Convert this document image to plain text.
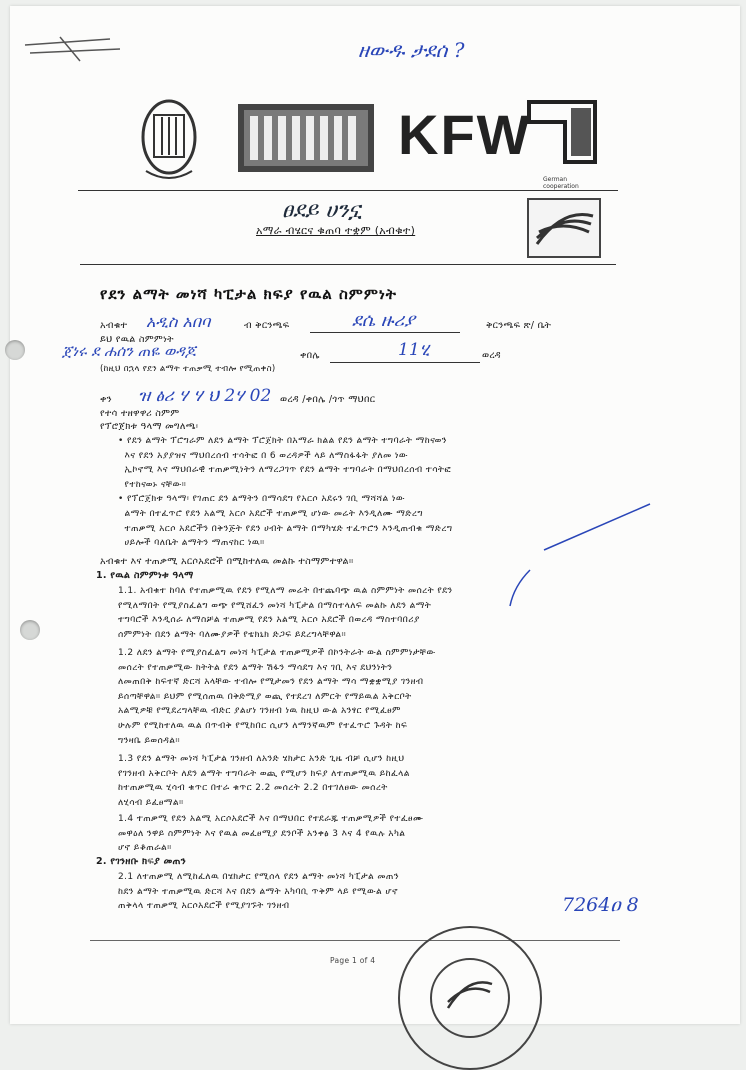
ዘውዱ ታደሰ ?
KFW
German cooperation
ፀደይ ሀንኗ
አማራ ብሄርና ቁጠባ ተቋም (አብቁተ)
የደን ልማት መነሻ ካፒታል ክፍያ የዉል ስምምነት
አብቁተ አዲስ አበባ	ብ ቅርንጫፍ	ደሴ ዙሪያ	ቅርንጫፍ ጽ/ ቤት
ይህ የዉል ስምምነት
ጀነሩ ደ ሐሰን ጠዬ ወዳጆ	ቀበሌ	11ሂ	ወረዳ
(ከዚህ በኋላ የደን ልማት ተጠቃሚ ተብሎ የሚጠቀስ)
ቀን ዝ ፅሪ ሃ ሃ ህ 2ሃ 02 ወረዳ /ቀበሌ /ጎጥ ማህበር
የተሳ ተዘዋዋሪ ስምም
የፕሮጀክቱ ዓላማ መግለጫ፡
• የደን ልማት ፕሮግራም ለደን ልማት ፕሮጀክት በአማራ ክልል የደን ልማት ተግባራት ማከናወን
እና የደን አያያዝና ማህበረሰብ ተሳትፎ በ 6 ወረዳዎች ላይ ለማስፋፋት ያለመ ነው
ኢኮኖሚ እና ማህበራዊ ተጠቃሚነትን ለማረጋገጥ የደን ልማት ተግባራት በማህበረሰብ ተሳትፎ
የተከናወኑ ናቸው።
• የፕሮጀክቱ ዓላማ፡ የገጠር ደን ልማትን በማሳደግ የአርሶ አደሩን ገቢ ማሻሻል ነው
ልማት በተፈጥሮ የደን አልሚ አርሶ አደሮች ተጠቃሚ ሆነው መሬት እንዲለሙ ማድረግ
ተጠቃሚ አርሶ አደሮችን በቅንጅት የደን ሀብት ልማት በማካሄድ ተፈጥሮን እንዲጠብቁ ማድረግ
ሀይሎች ባለቤት ልማትን ማጠናከር ነዉ።
አብቁተ እና ተጠቃሚ አርሶአደሮች በሚከተለዉ መልኩ ተስማምተዋል።
1. የዉል ስምምነቱ ዓላማ
1.1. አብቁተ ከባለ የተጠቃሚዉ የደን የሚለማ መሬት በተጨባጭ ዉል ስምምነት መሰረት የደን
የሚለማበት የሚያስፈልግ ወጭ የሚሸፈን መነሻ ካፒታል በማስተላለፍ መልኩ ለደን ልማት
ተግባሮች እንዲሰራ ለማስቻል ተጠቃሚ የደን አልሚ አርሶ አደሮች በወረዳ ማስተባበሪያ
ሰምምነት በደን ልማት ባለሙያዎች የቴክኒክ ድጋፍ ይደረግላቸዋል።
1.2 ለደን ልማት የሚያስፈልግ መነሻ ካፒታል ተጠቃሚዎች በኮንትራት ውል ስምምነታቸው
መሰረት የተጠቃሚው ክትትል የደን ልማት ሽፋን ማሳደግ እና ገቢ እና ደህንነትን
ለመጠበቅ ከፍተኛ ድርሻ አላቸው ተብሎ የሚታመን የደን ልማት ማሳ ማቋቋሚያ ገንዘብ
ይሰጣቸዋል። ይህም የሚሰጠዉ በቅድሚያ ወጪ የተደረገ ለምርት የማይዉል አቅርቦት
አልሚዎቹ የሚደረግላቸዉ ብድር ያልሆነ ገንዘብ ነዉ ከዚህ ውል አንፃር የሚፈፀም
ሁሉም የሚከተለዉ ዉል በጥብቅ የሚከበር ሲሆን ለማንኛዉም የተፈጥሮ ጉዳት ከፍ
ግንዛቤ ይወሰዳል።
1.3 የደን ልማት መነሻ ካፒታል ገንዘብ ለአንድ ሄክታር አንድ ጊዜ ብቻ ሲሆን ከዚህ
የገንዘብ አቅርቦት ለደን ልማት ተግባራት ወጪ የሚሆን ክፍያ ለተጠቃሚዉ ይከፈላል
ከተጠቃሚዉ ሂሳብ ቁጥር በተራ ቁጥር 2.2 መሰረት 2.2 በተገለፀው መሰረት
ለሂሳብ ይፈፀማል።
1.4 ተጠቃሚ የደን አልሚ አርሶአደሮች እና በማህበር የተደራጁ ተጠቃሚዎች የተፈፀሙ
መዋዕለ ንዋይ ስምምነት እና የዉል መፈፀሚያ ደንቦች አንቀፅ 3 እና 4 የዉሉ አካል
ሆኖ ይቆጠራል።
2. የገንዘቡ ክፍያ መጠን
2.1 ለተጠቃሚ ለሚከፈለዉ በሄክታር የሚሰላ የደን ልማት መነሻ ካፒታል መጠን
ከደን ልማት ተጠቃሚዉ ድርሻ እና በደን ልማት አካባቢ ጥቅም ላይ የሚውል ሆኖ
ጠቅላላ ተጠቃሚ አርሶአደሮች የሚያገኙት ገንዘብ	7264ዐ 8
Page 1 of 4
